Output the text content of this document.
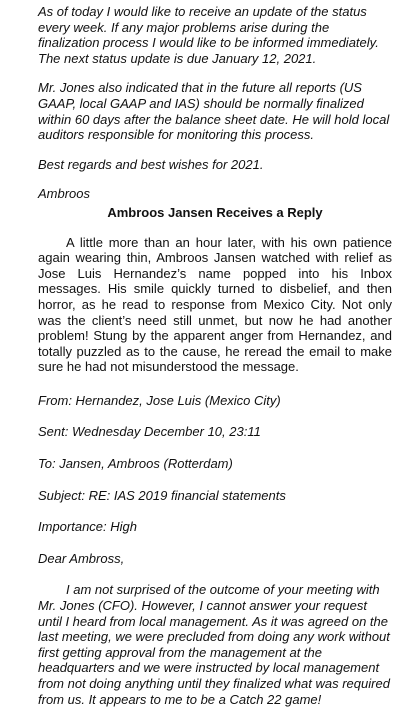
As of today I would like to receive an update of the status every week. If any major problems arise during the finalization process I would like to be informed immediately. The next status update is due January 12, 2021.

Mr. Jones also indicated that in the future all reports (US GAAP, local GAAP and IAS) should be normally finalized within 60 days after the balance sheet date. He will hold local auditors responsible for monitoring this process.

Best regards and best wishes for 2021.

Ambroos

Ambroos Jansen Receives a Reply

A little more than an hour later, with his own patience again wearing thin, Ambroos Jansen watched with relief as Jose Luis Hernandez’s name popped into his Inbox messages. His smile quickly turned to disbelief, and then horror, as he read to response from Mexico City. Not only was the client’s need still unmet, but now he had another problem! Stung by the apparent anger from Hernandez, and totally puzzled as to the cause, he reread the email to make sure he had not misunderstood the message.

From: Hernandez, Jose Luis (Mexico City)

Sent: Wednesday December 10, 23:11

To: Jansen, Ambroos (Rotterdam)

Subject: RE: IAS 2019 financial statements

Importance: High

Dear Ambross,

I am not surprised of the outcome of your meeting with Mr. Jones (CFO). However, I cannot answer your request until I heard from local management. As it was agreed on the last meeting, we were precluded from doing any work without first getting approval from the management at the headquarters and we were instructed by local management from not doing anything until they finalized what was required from us. It appears to me to be a Catch 22 game!
